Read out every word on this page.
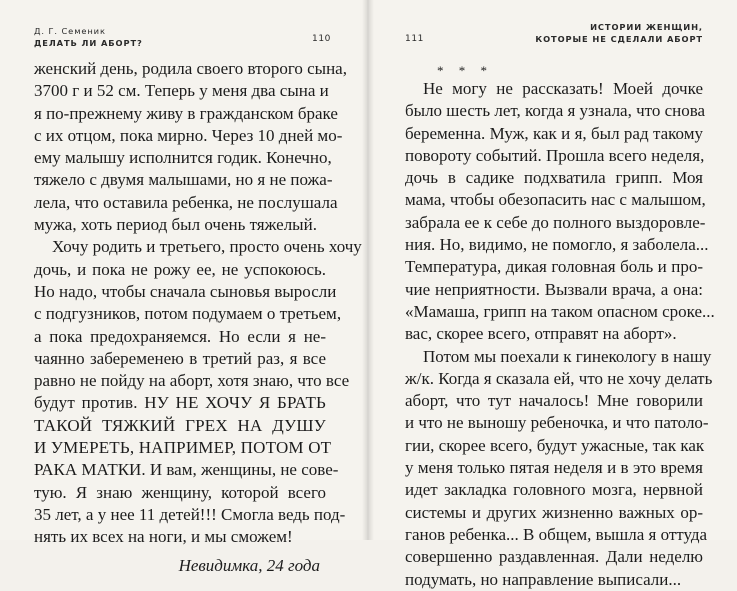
Д. Г. Семеник
ДЕЛАТЬ ЛИ АБОРТ?	110
женский день, родила своего второго сына,
3700 г и 52 см. Теперь у меня два сына и
я по-прежнему живу в гражданском браке
с их отцом, пока мирно. Через 10 дней мо-
ему малышу исполнится годик. Конечно,
тяжело с двумя малышами, но я не пожа-
лела, что оставила ребенка, не послушала
мужа, хоть период был очень тяжелый.
Хочу родить и третьего, просто очень хочу
дочь, и пока не рожу ее, не успокоюсь.
Но надо, чтобы сначала сыновья выросли
с подгузников, потом подумаем о третьем,
а пока предохраняемся. Но если я не-
чаянно забеременею в третий раз, я все
равно не пойду на аборт, хотя знаю, что все
будут против. НУ НЕ ХОЧУ Я БРАТЬ
ТАКОЙ ТЯЖКИЙ ГРЕХ НА ДУШУ
И УМЕРЕТЬ, НАПРИМЕР, ПОТОМ ОТ
РАКА МАТКИ. И вам, женщины, не сове-
тую. Я знаю женщину, которой всего
35 лет, а у нее 11 детей!!! Смогла ведь под-
нять их всех на ноги, и мы сможем!
Невидимка, 24 года
111
ИСТОРИИ ЖЕНЩИН,
КОТОРЫЕ НЕ СДЕЛАЛИ АБОРТ
* * *
Не могу не рассказать! Моей дочке
было шесть лет, когда я узнала, что снова
беременна. Муж, как и я, был рад такому
повороту событий. Прошла всего неделя,
дочь в садике подхватила грипп. Моя
мама, чтобы обезопасить нас с малышом,
забрала ее к себе до полного выздоровле-
ния. Но, видимо, не помогло, я заболела...
Температура, дикая головная боль и про-
чие неприятности. Вызвали врача, а она:
«Мамаша, грипп на таком опасном сроке...
вас, скорее всего, отправят на аборт».
Потом мы поехали к гинекологу в нашу
ж/к. Когда я сказала ей, что не хочу делать
аборт, что тут началось! Мне говорили
и что не выношу ребеночка, и что патоло-
гии, скорее всего, будут ужасные, так как
у меня только пятая неделя и в это время
идет закладка головного мозга, нервной
системы и других жизненно важных ор-
ганов ребенка... В общем, вышла я оттуда
совершенно раздавленная. Дали неделю
подумать, но направление выписали...
